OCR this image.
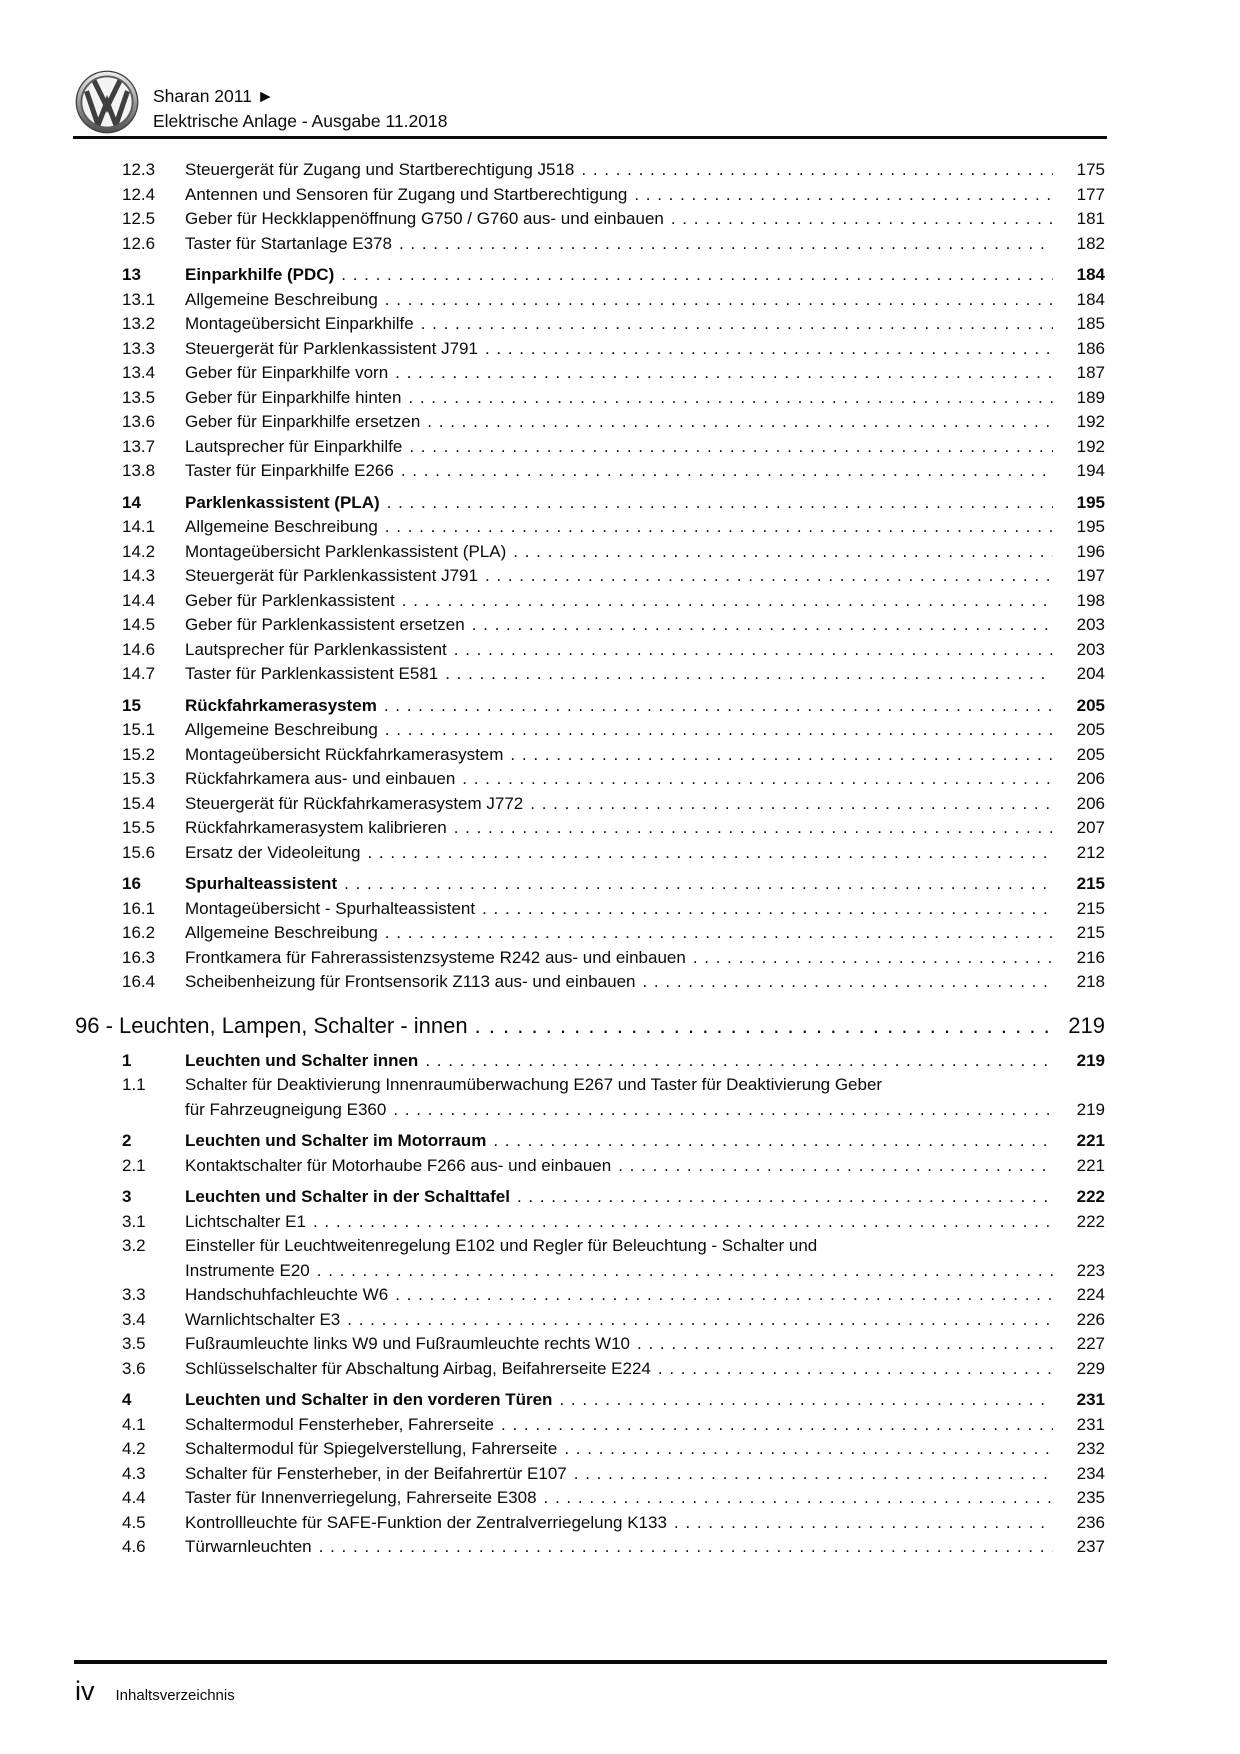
Sharan 2011 ►
Elektrische Anlage - Ausgabe 11.2018
12.3	Steuergerät für Zugang und Startberechtigung J518 . . .	175
12.4	Antennen und Sensoren für Zugang und Startberechtigung . . .	177
12.5	Geber für Heckklappenöffnung G750 / G760 aus- und einbauen . . .	181
12.6	Taster für Startanlage E378 . . .	182
13	Einparkhilfe (PDC) . . .	184
13.1	Allgemeine Beschreibung . . .	184
13.2	Montageübersicht Einparkhilfe . . .	185
13.3	Steuergerät für Parklenkassistent J791 . . .	186
13.4	Geber für Einparkhilfe vorn . . .	187
13.5	Geber für Einparkhilfe hinten . . .	189
13.6	Geber für Einparkhilfe ersetzen . . .	192
13.7	Lautsprecher für Einparkhilfe . . .	192
13.8	Taster für Einparkhilfe E266 . . .	194
14	Parklenkassistent (PLA) . . .	195
14.1	Allgemeine Beschreibung . . .	195
14.2	Montageübersicht Parklenkassistent (PLA) . . .	196
14.3	Steuergerät für Parklenkassistent J791 . . .	197
14.4	Geber für Parklenkassistent . . .	198
14.5	Geber für Parklenkassistent ersetzen . . .	203
14.6	Lautsprecher für Parklenkassistent . . .	203
14.7	Taster für Parklenkassistent E581 . . .	204
15	Rückfahrkamerasystem . . .	205
15.1	Allgemeine Beschreibung . . .	205
15.2	Montageübersicht Rückfahrkamerasystem . . .	205
15.3	Rückfahrkamera aus- und einbauen . . .	206
15.4	Steuergerät für Rückfahrkamerasystem J772 . . .	206
15.5	Rückfahrkamerasystem kalibrieren . . .	207
15.6	Ersatz der Videoleitung . . .	212
16	Spurhalteassistent . . .	215
16.1	Montageübersicht - Spurhalteassistent . . .	215
16.2	Allgemeine Beschreibung . . .	215
16.3	Frontkamera für Fahrerassistenzsysteme R242 aus- und einbauen . . .	216
16.4	Scheibenheizung für Frontsensorik Z113 aus- und einbauen . . .	218
96 - Leuchten, Lampen, Schalter - innen . . .	219
1	Leuchten und Schalter innen . . .	219
1.1	Schalter für Deaktivierung Innenraumüberwachung E267 und Taster für Deaktivierung Geber
für Fahrzeugneigung E360 . . .	219
2	Leuchten und Schalter im Motorraum . . .	221
2.1	Kontaktschalter für Motorhaube F266 aus- und einbauen . . .	221
3	Leuchten und Schalter in der Schalttafel . . .	222
3.1	Lichtschalter E1 . . .	222
3.2	Einsteller für Leuchtweitenregelung E102 und Regler für Beleuchtung - Schalter und
Instrumente E20 . . .	223
3.3	Handschuhfachleuchte W6 . . .	224
3.4	Warnlichtschalter E3 . . .	226
3.5	Fußraumleuchte links W9 und Fußraumleuchte rechts W10 . . .	227
3.6	Schlüsselschalter für Abschaltung Airbag, Beifahrerseite E224 . . .	229
4	Leuchten und Schalter in den vorderen Türen . . .	231
4.1	Schaltermodul Fensterheber, Fahrerseite . . .	231
4.2	Schaltermodul für Spiegelverstellung, Fahrerseite . . .	232
4.3	Schalter für Fensterheber, in der Beifahrertür E107 . . .	234
4.4	Taster für Innenverriegelung, Fahrerseite E308 . . .	235
4.5	Kontrollleuchte für SAFE-Funktion der Zentralverriegelung K133 . . .	236
4.6	Türwarnleuchten . . .	237
iv Inhaltsverzeichnis
